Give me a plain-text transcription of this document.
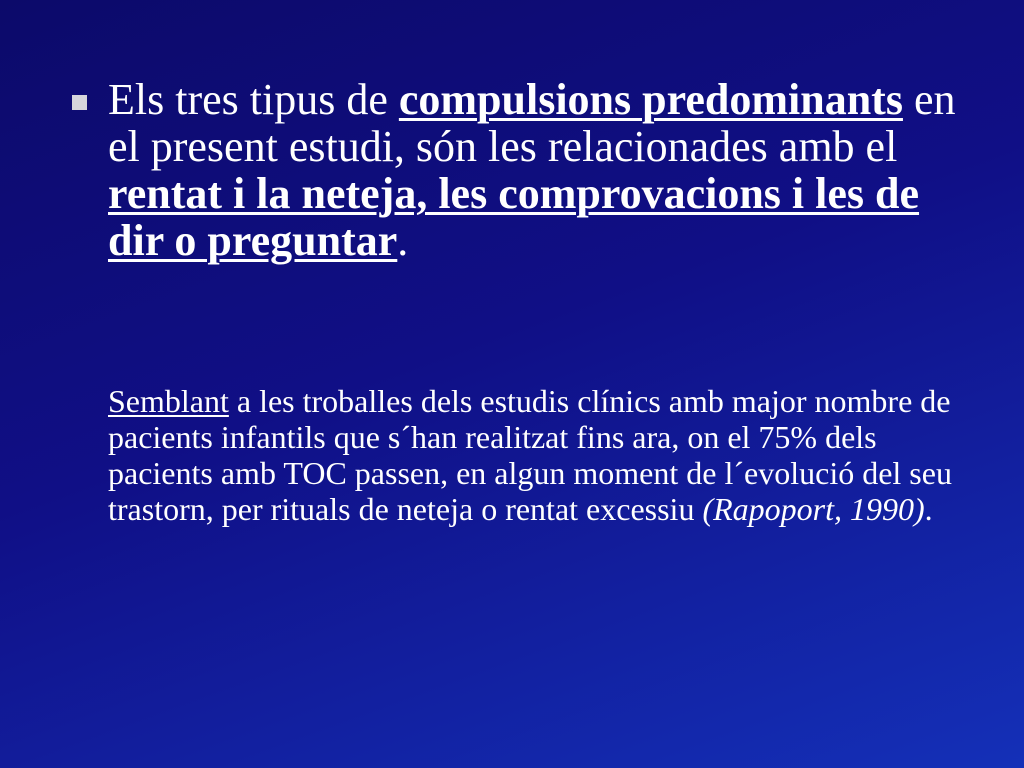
Els tres tipus de compulsions predominants en el present estudi, són les relacionades amb el rentat i la neteja, les comprovacions i les de dir o preguntar.

Semblant a les troballes dels estudis clínics amb major nombre de pacients infantils que s´han realitzat fins ara, on el 75% dels pacients amb TOC passen, en algun moment de l´evolució del seu trastorn, per rituals de neteja o rentat excessiu (Rapoport, 1990).
